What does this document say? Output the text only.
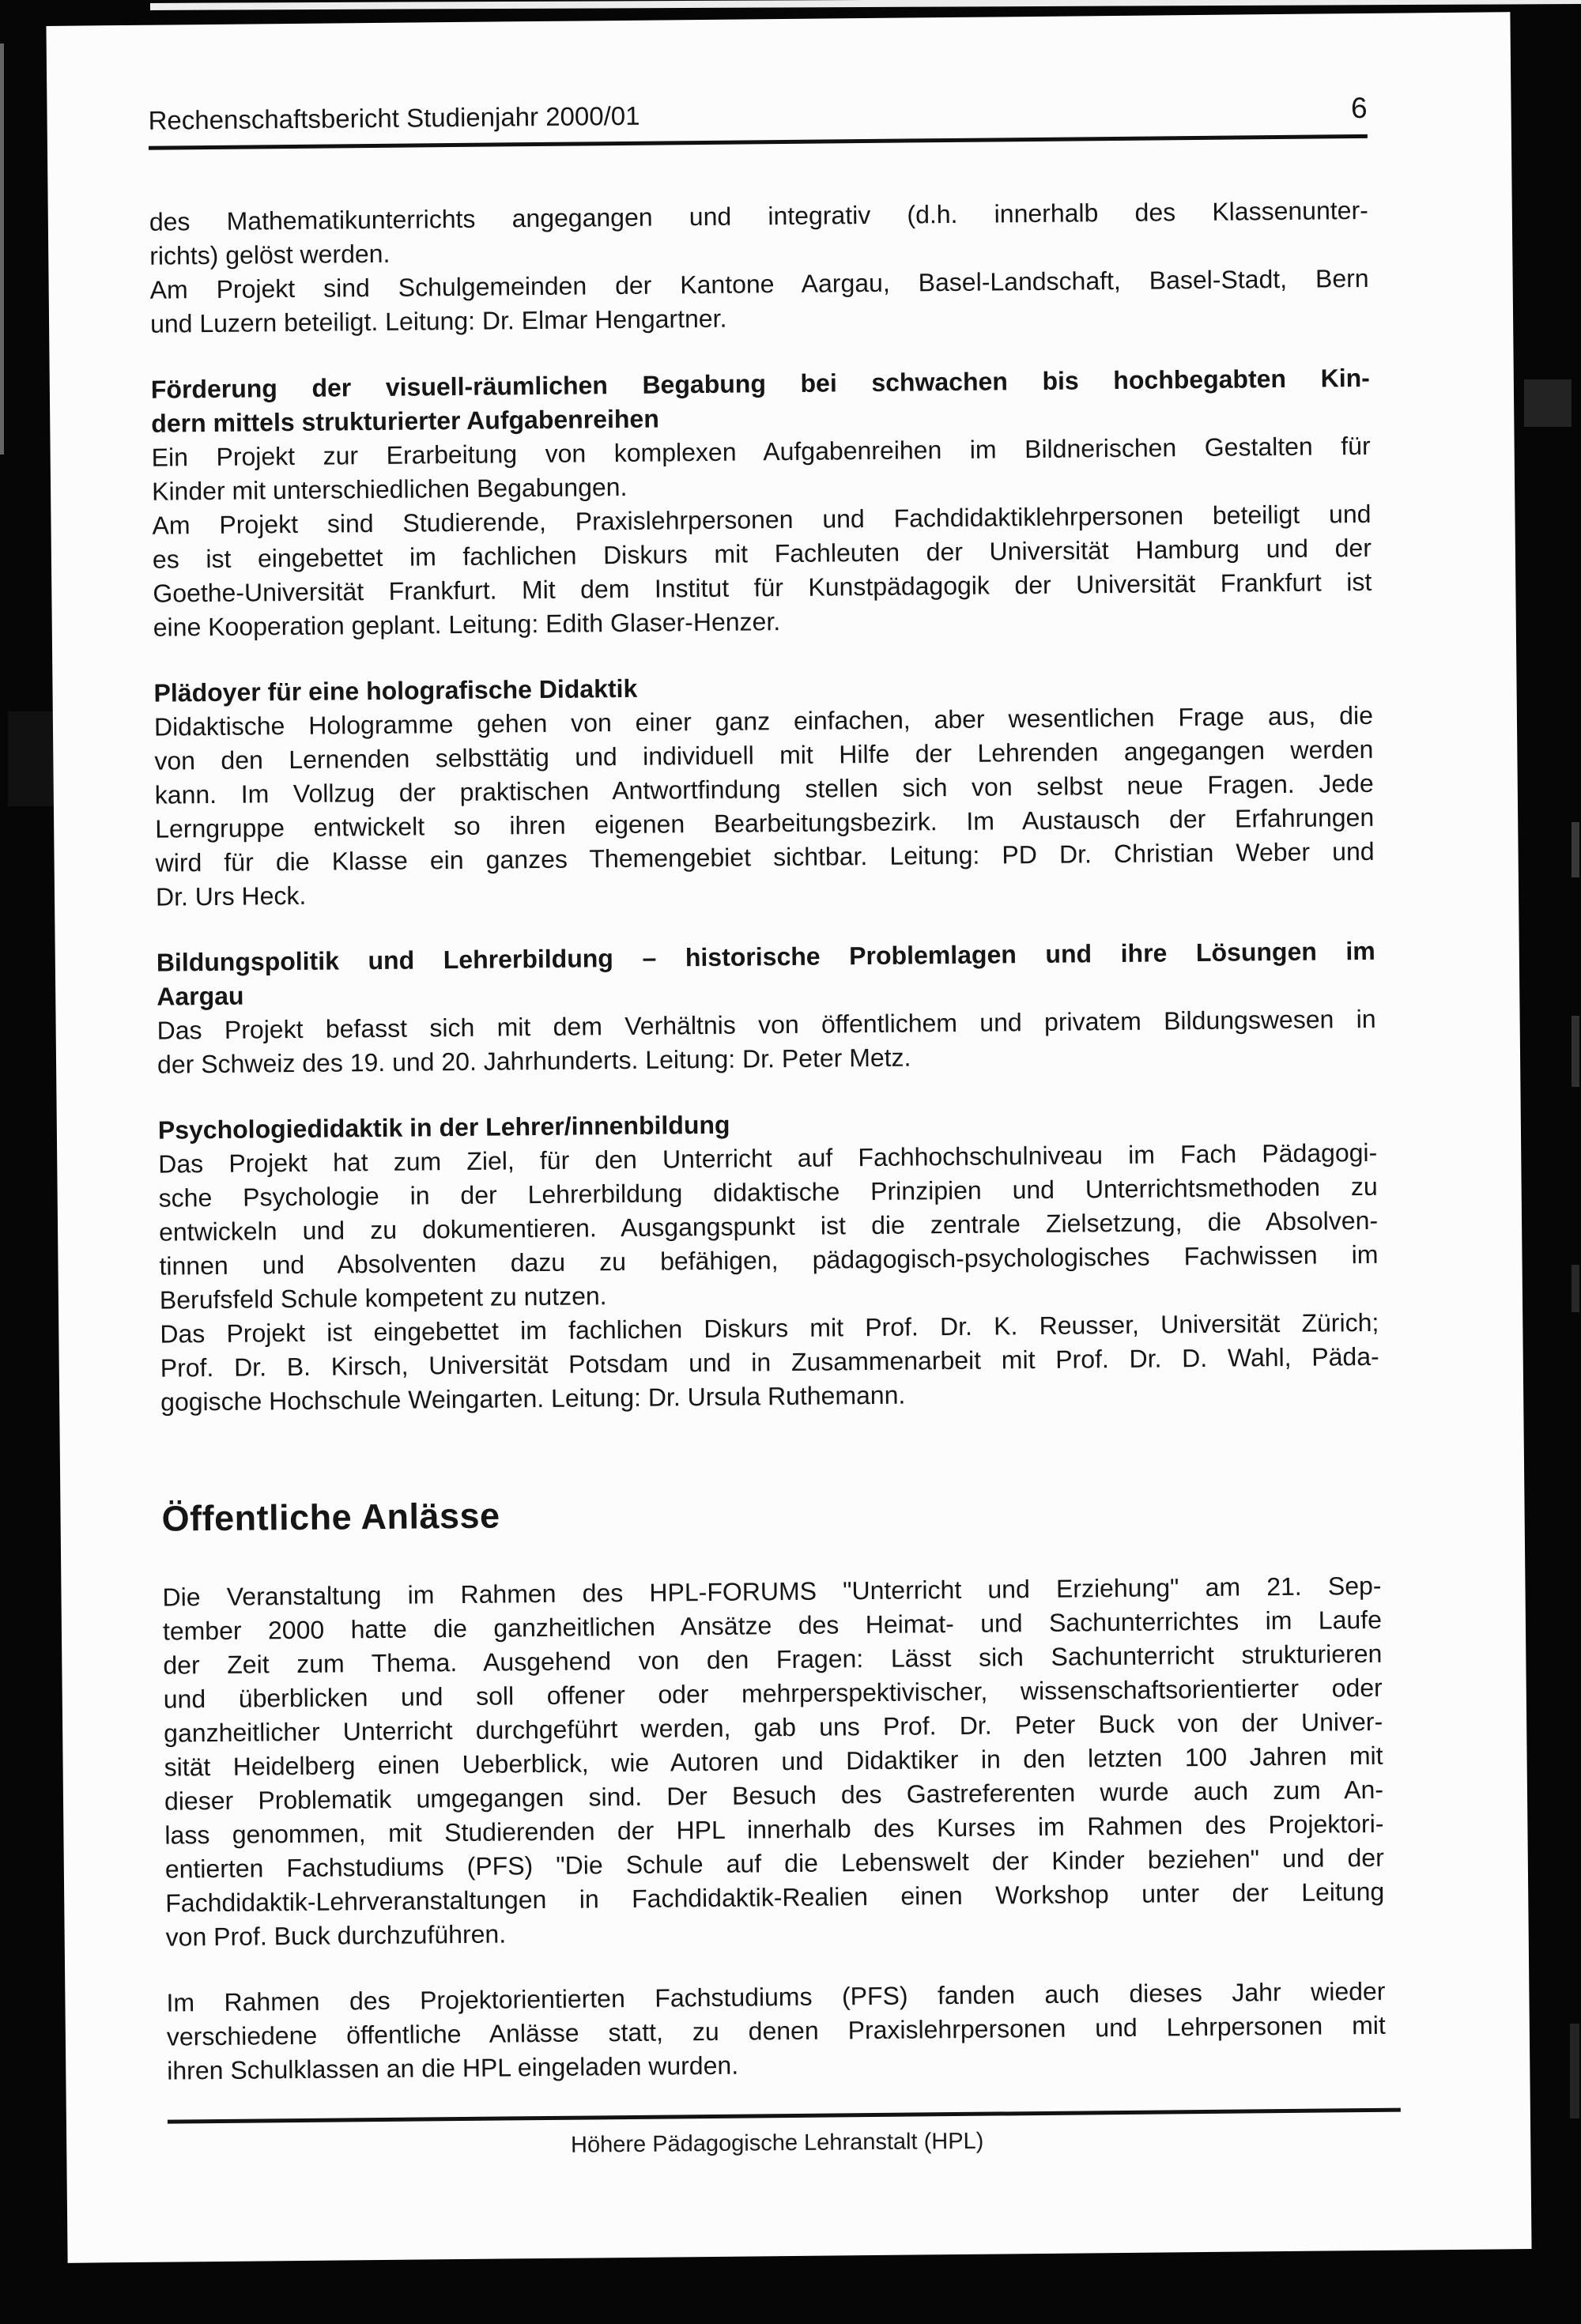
Rechenschaftsbericht Studienjahr 2000/01	6
des Mathematikunterrichts angegangen und integrativ (d.h. innerhalb des Klassenunter-
richts) gelöst werden.
Am Projekt sind Schulgemeinden der Kantone Aargau, Basel-Landschaft, Basel-Stadt, Bern
und Luzern beteiligt. Leitung: Dr. Elmar Hengartner.
Förderung der visuell-räumlichen Begabung bei schwachen bis hochbegabten Kin-
dern mittels strukturierter Aufgabenreihen
Ein Projekt zur Erarbeitung von komplexen Aufgabenreihen im Bildnerischen Gestalten für
Kinder mit unterschiedlichen Begabungen.
Am Projekt sind Studierende, Praxislehrpersonen und Fachdidaktiklehrpersonen beteiligt und
es ist eingebettet im fachlichen Diskurs mit Fachleuten der Universität Hamburg und der
Goethe-Universität Frankfurt. Mit dem Institut für Kunstpädagogik der Universität Frankfurt ist
eine Kooperation geplant. Leitung: Edith Glaser-Henzer.
Plädoyer für eine holografische Didaktik
Didaktische Hologramme gehen von einer ganz einfachen, aber wesentlichen Frage aus, die
von den Lernenden selbsttätig und individuell mit Hilfe der Lehrenden angegangen werden
kann. Im Vollzug der praktischen Antwortfindung stellen sich von selbst neue Fragen. Jede
Lerngruppe entwickelt so ihren eigenen Bearbeitungsbezirk. Im Austausch der Erfahrungen
wird für die Klasse ein ganzes Themengebiet sichtbar. Leitung: PD Dr. Christian Weber und
Dr. Urs Heck.
Bildungspolitik und Lehrerbildung – historische Problemlagen und ihre Lösungen im
Aargau
Das Projekt befasst sich mit dem Verhältnis von öffentlichem und privatem Bildungswesen in
der Schweiz des 19. und 20. Jahrhunderts. Leitung: Dr. Peter Metz.
Psychologiedidaktik in der Lehrer/innenbildung
Das Projekt hat zum Ziel, für den Unterricht auf Fachhochschulniveau im Fach Pädagogi-
sche Psychologie in der Lehrerbildung didaktische Prinzipien und Unterrichtsmethoden zu
entwickeln und zu dokumentieren. Ausgangspunkt ist die zentrale Zielsetzung, die Absolven-
tinnen und Absolventen dazu zu befähigen, pädagogisch-psychologisches Fachwissen im
Berufsfeld Schule kompetent zu nutzen.
Das Projekt ist eingebettet im fachlichen Diskurs mit Prof. Dr. K. Reusser, Universität Zürich;
Prof. Dr. B. Kirsch, Universität Potsdam und in Zusammenarbeit mit Prof. Dr. D. Wahl, Päda-
gogische Hochschule Weingarten. Leitung: Dr. Ursula Ruthemann.
Öffentliche Anlässe
Die Veranstaltung im Rahmen des HPL-FORUMS "Unterricht und Erziehung" am 21. Sep-
tember 2000 hatte die ganzheitlichen Ansätze des Heimat- und Sachunterrichtes im Laufe
der Zeit zum Thema. Ausgehend von den Fragen: Lässt sich Sachunterricht strukturieren
und überblicken und soll offener oder mehrperspektivischer, wissenschaftsorientierter oder
ganzheitlicher Unterricht durchgeführt werden, gab uns Prof. Dr. Peter Buck von der Univer-
sität Heidelberg einen Ueberblick, wie Autoren und Didaktiker in den letzten 100 Jahren mit
dieser Problematik umgegangen sind. Der Besuch des Gastreferenten wurde auch zum An-
lass genommen, mit Studierenden der HPL innerhalb des Kurses im Rahmen des Projektori-
entierten Fachstudiums (PFS) "Die Schule auf die Lebenswelt der Kinder beziehen" und der
Fachdidaktik-Lehrveranstaltungen in Fachdidaktik-Realien einen Workshop unter der Leitung
von Prof. Buck durchzuführen.
Im Rahmen des Projektorientierten Fachstudiums (PFS) fanden auch dieses Jahr wieder
verschiedene öffentliche Anlässe statt, zu denen Praxislehrpersonen und Lehrpersonen mit
ihren Schulklassen an die HPL eingeladen wurden.
Höhere Pädagogische Lehranstalt (HPL)
